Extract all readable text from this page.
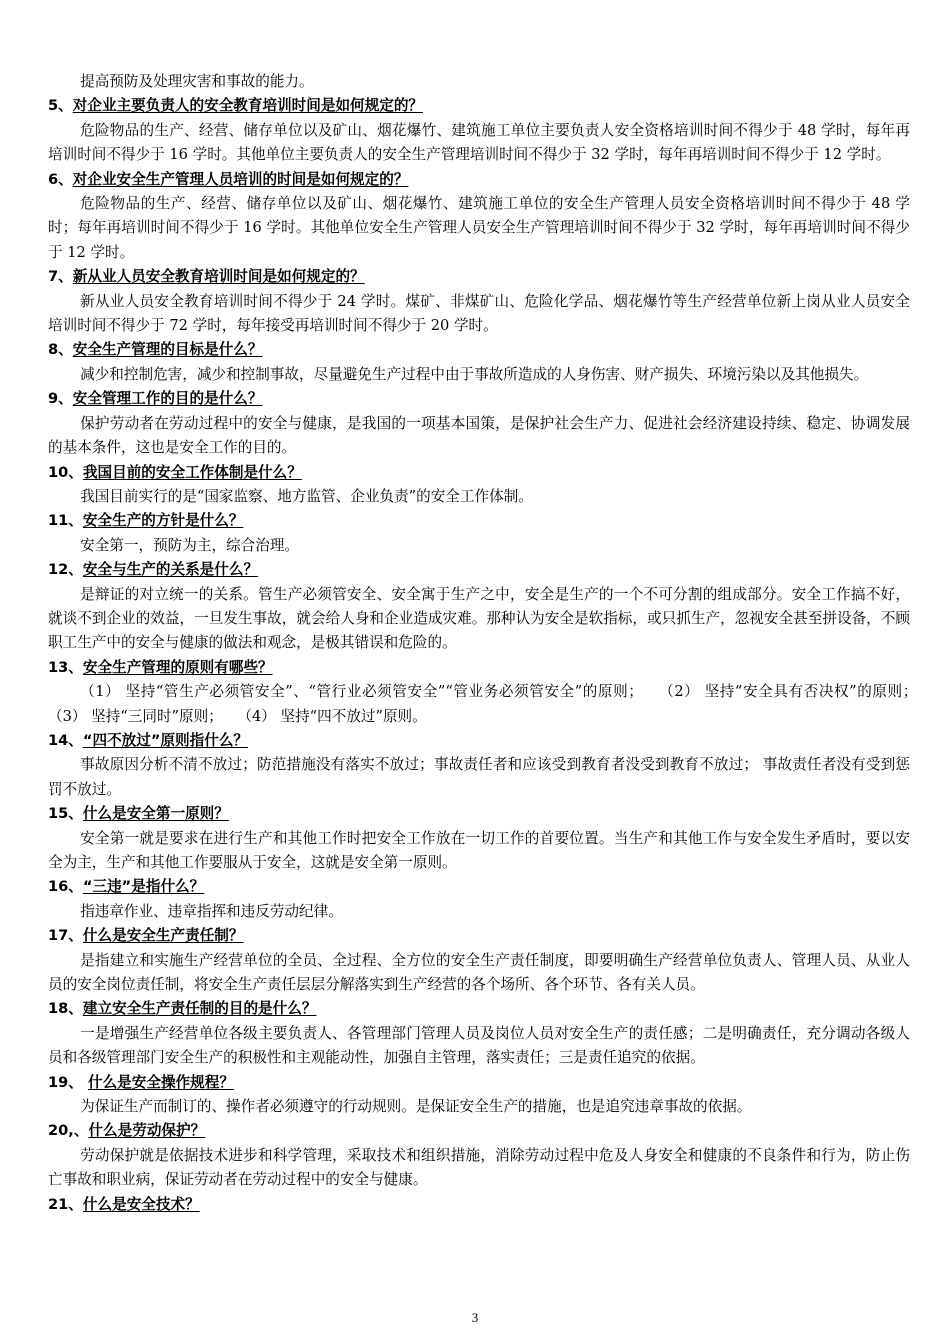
提高预防及处理灾害和事故的能力。

5、对企业主要负责人的安全教育培训时间是如何规定的？

危险物品的生产、经营、储存单位以及矿山、烟花爆竹、建筑施工单位主要负责人安全资格培训时间不得少于 48 学时，每年再培训时间不得少于 16 学时。其他单位主要负责人的安全生产管理培训时间不得少于 32 学时，每年再培训时间不得少于 12 学时。

6、对企业安全生产管理人员培训的时间是如何规定的？

危险物品的生产、经营、储存单位以及矿山、烟花爆竹、建筑施工单位的安全生产管理人员安全资格培训时间不得少于 48 学时；每年再培训时间不得少于 16 学时。其他单位安全生产管理人员安全生产管理培训时间不得少于 32 学时，每年再培训时间不得少于 12 学时。

7、新从业人员安全教育培训时间是如何规定的？

新从业人员安全教育培训时间不得少于 24 学时。煤矿、非煤矿山、危险化学品、烟花爆竹等生产经营单位新上岗从业人员安全培训时间不得少于 72 学时，每年接受再培训时间不得少于 20 学时。

8、安全生产管理的目标是什么？

减少和控制危害，减少和控制事故，尽量避免生产过程中由于事故所造成的人身伤害、财产损失、环境污染以及其他损失。

9、安全管理工作的目的是什么？

保护劳动者在劳动过程中的安全与健康，是我国的一项基本国策，是保护社会生产力、促进社会经济建设持续、稳定、协调发展的基本条件，这也是安全工作的目的。

10、我国目前的安全工作体制是什么？

我国目前实行的是“国家监察、地方监管、企业负责”的安全工作体制。

11、安全生产的方针是什么？

安全第一，预防为主，综合治理。

12、安全与生产的关系是什么？

是辩证的对立统一的关系。管生产必须管安全、安全寓于生产之中，安全是生产的一个不可分割的组成部分。安全工作搞不好，就谈不到企业的效益，一旦发生事故，就会给人身和企业造成灾难。那种认为安全是软指标，或只抓生产，忽视安全甚至拼设备，不顾职工生产中的安全与健康的做法和观念，是极其错误和危险的。

13、安全生产管理的原则有哪些？

（1） 坚持“管生产必须管安全”、“管行业必须管安全”“管业务必须管安全”的原则；　　（2） 坚持“安全具有否决权”的原则；　（3） 坚持“三同时”原则；　　（4） 坚持“四不放过”原则。

14、“四不放过”原则指什么？

事故原因分析不清不放过；防范措施没有落实不放过；事故责任者和应该受到教育者没受到教育不放过； 事故责任者没有受到惩罚不放过。

15、什么是安全第一原则？

安全第一就是要求在进行生产和其他工作时把安全工作放在一切工作的首要位置。当生产和其他工作与安全发生矛盾时，要以安全为主，生产和其他工作要服从于安全，这就是安全第一原则。

16、“三违”是指什么？

指违章作业、违章指挥和违反劳动纪律。

17、什么是安全生产责任制？

是指建立和实施生产经营单位的全员、全过程、全方位的安全生产责任制度，即要明确生产经营单位负责人、管理人员、从业人员的安全岗位责任制，将安全生产责任层层分解落实到生产经营的各个场所、各个环节、各有关人员。

18、建立安全生产责任制的目的是什么？

一是增强生产经营单位各级主要负责人、各管理部门管理人员及岗位人员对安全生产的责任感；二是明确责任，充分调动各级人员和各级管理部门安全生产的积极性和主观能动性，加强自主管理，落实责任；三是责任追究的依据。

19、 什么是安全操作规程？

为保证生产而制订的、操作者必须遵守的行动规则。是保证安全生产的措施，也是追究违章事故的依据。

20,、什么是劳动保护？

劳动保护就是依据技术进步和科学管理，采取技术和组织措施，消除劳动过程中危及人身安全和健康的不良条件和行为，防止伤亡事故和职业病，保证劳动者在劳动过程中的安全与健康。

21、什么是安全技术？

3
